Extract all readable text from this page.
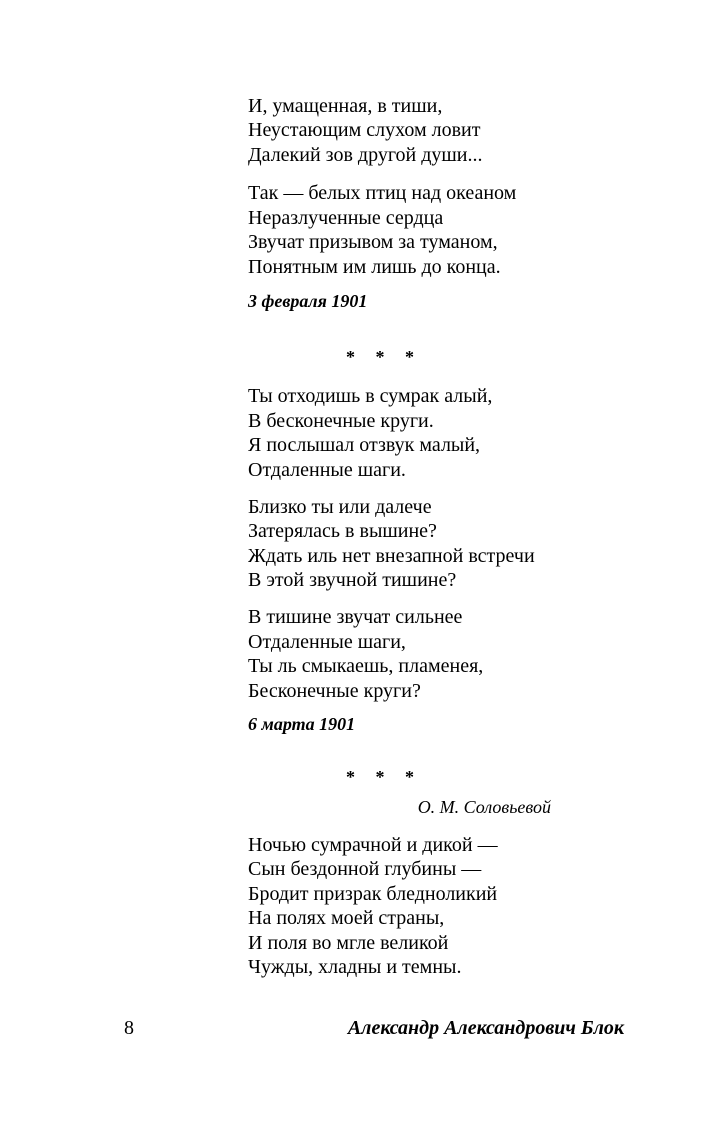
И, умащенная, в тиши,
Неустающим слухом ловит
Далекий зов другой души...
Так — белых птиц над океаном
Неразлученные сердца
Звучат призывом за туманом,
Понятным им лишь до конца.
3 февраля 1901
* * *
Ты отходишь в сумрак алый,
В бесконечные круги.
Я послышал отзвук малый,
Отдаленные шаги.
Близко ты или далече
Затерялась в вышине?
Ждать иль нет внезапной встречи
В этой звучной тишине?
В тишине звучат сильнее
Отдаленные шаги,
Ты ль смыкаешь, пламенея,
Бесконечные круги?
6 марта 1901
* * *
О. М. Соловьевой
Ночью сумрачной и дикой —
Сын бездонной глубины —
Бродит призрак бледноликий
На полях моей страны,
И поля во мгле великой
Чужды, хладны и темны.
8	Александр Александрович Блок
